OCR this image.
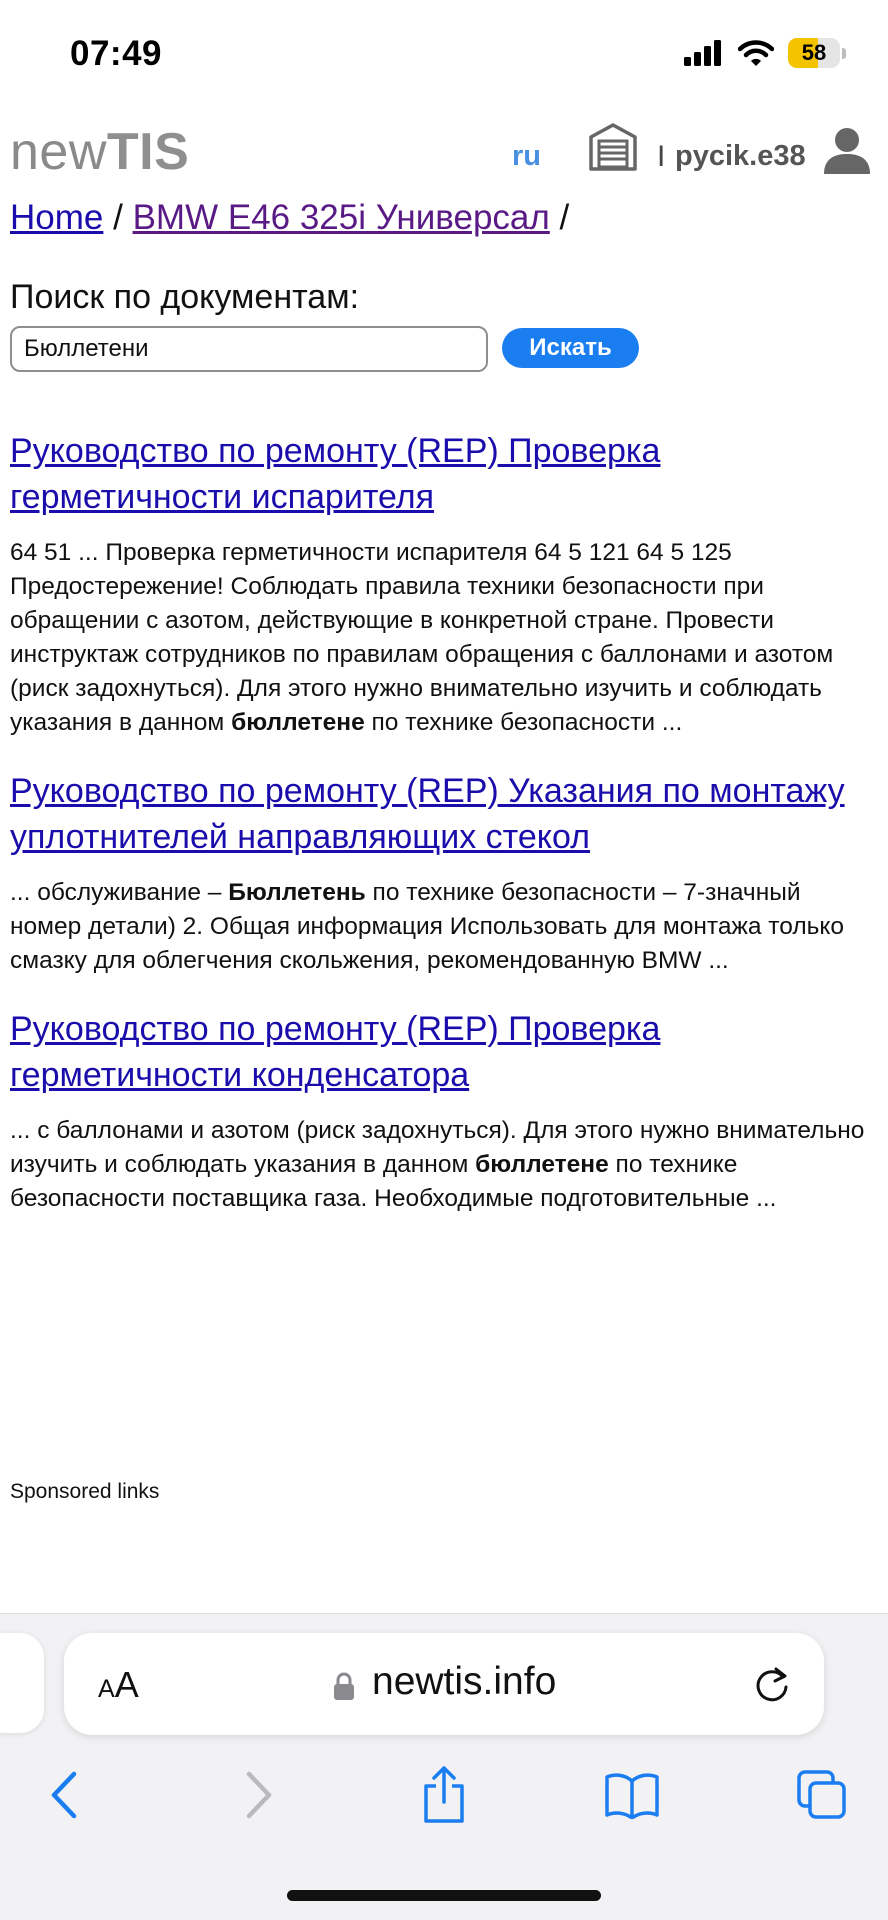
07:49	58
newTIS	ru	I pycik.e38
Home / BMW E46 325i Универсал /
Поиск по документам:
Бюллетени
Искать
Руководство по ремонту (REP) Проверка герметичности испарителя

64 51 ... Проверка герметичности испарителя 64 5 121 64 5 125 Предостережение! Соблюдать правила техники безопасности при обращении с азотом, действующие в конкретной стране. Провести инструктаж сотрудников по правилам обращения с баллонами и азотом (риск задохнуться). Для этого нужно внимательно изучить и соблюдать указания в данном бюллетене по технике безопасности ...

Руководство по ремонту (REP) Указания по монтажу уплотнителей направляющих стекол

... обслуживание – Бюллетень по технике безопасности – 7-значный номер детали) 2. Общая информация Использовать для монтажа только смазку для облегчения скольжения, рекомендованную BMW ...

Руководство по ремонту (REP) Проверка герметичности конденсатора

... с баллонами и азотом (риск задохнуться). Для этого нужно внимательно изучить и соблюдать указания в данном бюллетене по технике безопасности поставщика газа. Необходимые подготовительные ...

Sponsored links
AA	newtis.info
